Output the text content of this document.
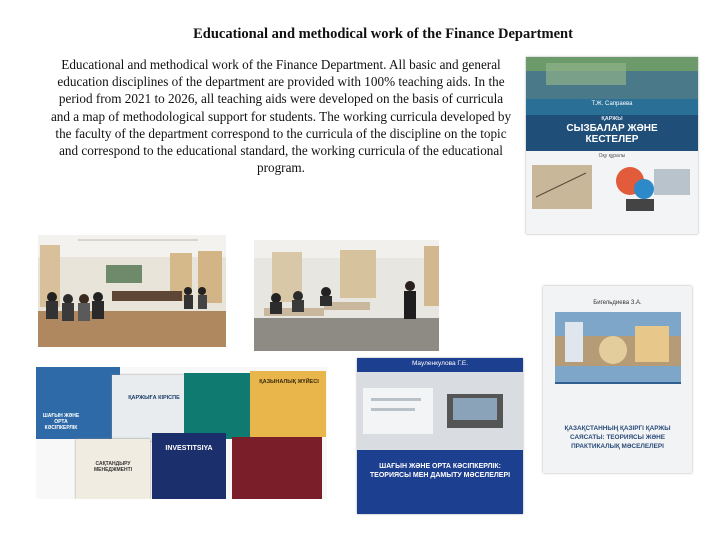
Educational and methodical work of the Finance Department
Educational and methodical work of the Finance Department. All basic and general education disciplines of the department are provided with 100% teaching aids. In the period from 2021 to 2026, all teaching aids were developed on the basis of curricula and a map of methodological support for students. The working curricula developed by the faculty of the department correspond to the curricula of the discipline on the topic and correspond to the educational standard, the working curricula of the educational program.
Т.Ж. Сапраева
ҚАРЖЫ
СЫЗБАЛАР ЖӘНЕ КЕСТЕЛЕР
Оқу құралы
Бигельдиева З.А.
ҚАЗАҚСТАННЫҢ ҚАЗІРГІ ҚАРЖЫ САЯСАТЫ: ТЕОРИЯСЫ ЖӘНЕ ПРАКТИКАЛЫҚ МӘСЕЛЕЛЕРІ
ҚАРЖЫҒА КІРІСПЕ
ШАҒЫН ЖӘНЕ ОРТА КӘСІПКЕРЛІК
ҚАЗЫНАЛЫҚ ЖҮЙЕСІ
САҚТАНДЫРУ МЕНЕДЖМЕНТІ
INVESTITSIYA
Мауленкулова Г.Е.
ШАҒЫН ЖӘНЕ ОРТА КӘСІПКЕРЛІК: ТЕОРИЯСЫ МЕН ДАМЫТУ МӘСЕЛЕЛЕРІ
